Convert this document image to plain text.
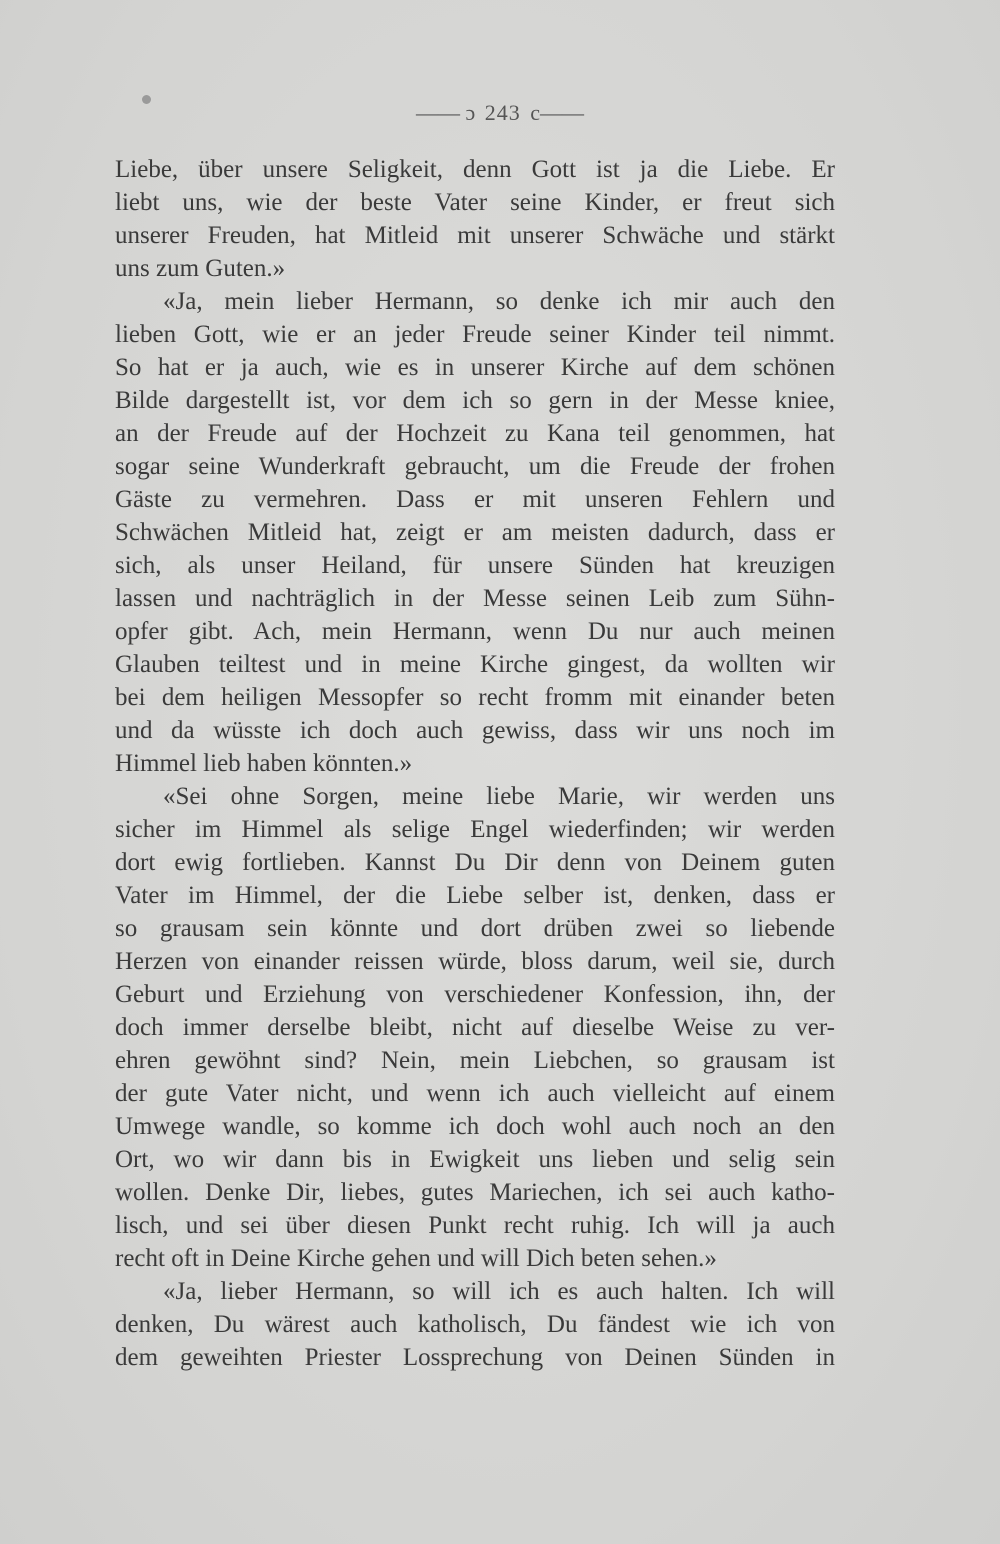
—— ɔ 243 c——
Liebe, über unsere Seligkeit, denn Gott ist ja die Liebe. Er
liebt uns, wie der beste Vater seine Kinder, er freut sich
unserer Freuden, hat Mitleid mit unserer Schwäche und stärkt
uns zum Guten.»
«Ja, mein lieber Hermann, so denke ich mir auch den
lieben Gott, wie er an jeder Freude seiner Kinder teil nimmt.
So hat er ja auch, wie es in unserer Kirche auf dem schönen
Bilde dargestellt ist, vor dem ich so gern in der Messe kniee,
an der Freude auf der Hochzeit zu Kana teil genommen, hat
sogar seine Wunderkraft gebraucht, um die Freude der frohen
Gäste zu vermehren. Dass er mit unseren Fehlern und
Schwächen Mitleid hat, zeigt er am meisten dadurch, dass er
sich, als unser Heiland, für unsere Sünden hat kreuzigen
lassen und nachträglich in der Messe seinen Leib zum Sühn-
opfer gibt. Ach, mein Hermann, wenn Du nur auch meinen
Glauben teiltest und in meine Kirche gingest, da wollten wir
bei dem heiligen Messopfer so recht fromm mit einander beten
und da wüsste ich doch auch gewiss, dass wir uns noch im
Himmel lieb haben könnten.»
«Sei ohne Sorgen, meine liebe Marie, wir werden uns
sicher im Himmel als selige Engel wiederfinden; wir werden
dort ewig fortlieben. Kannst Du Dir denn von Deinem guten
Vater im Himmel, der die Liebe selber ist, denken, dass er
so grausam sein könnte und dort drüben zwei so liebende
Herzen von einander reissen würde, bloss darum, weil sie, durch
Geburt und Erziehung von verschiedener Konfession, ihn, der
doch immer derselbe bleibt, nicht auf dieselbe Weise zu ver-
ehren gewöhnt sind? Nein, mein Liebchen, so grausam ist
der gute Vater nicht, und wenn ich auch vielleicht auf einem
Umwege wandle, so komme ich doch wohl auch noch an den
Ort, wo wir dann bis in Ewigkeit uns lieben und selig sein
wollen. Denke Dir, liebes, gutes Mariechen, ich sei auch katho-
lisch, und sei über diesen Punkt recht ruhig. Ich will ja auch
recht oft in Deine Kirche gehen und will Dich beten sehen.»
«Ja, lieber Hermann, so will ich es auch halten. Ich will
denken, Du wärest auch katholisch, Du fändest wie ich von
dem geweihten Priester Lossprechung von Deinen Sünden in
